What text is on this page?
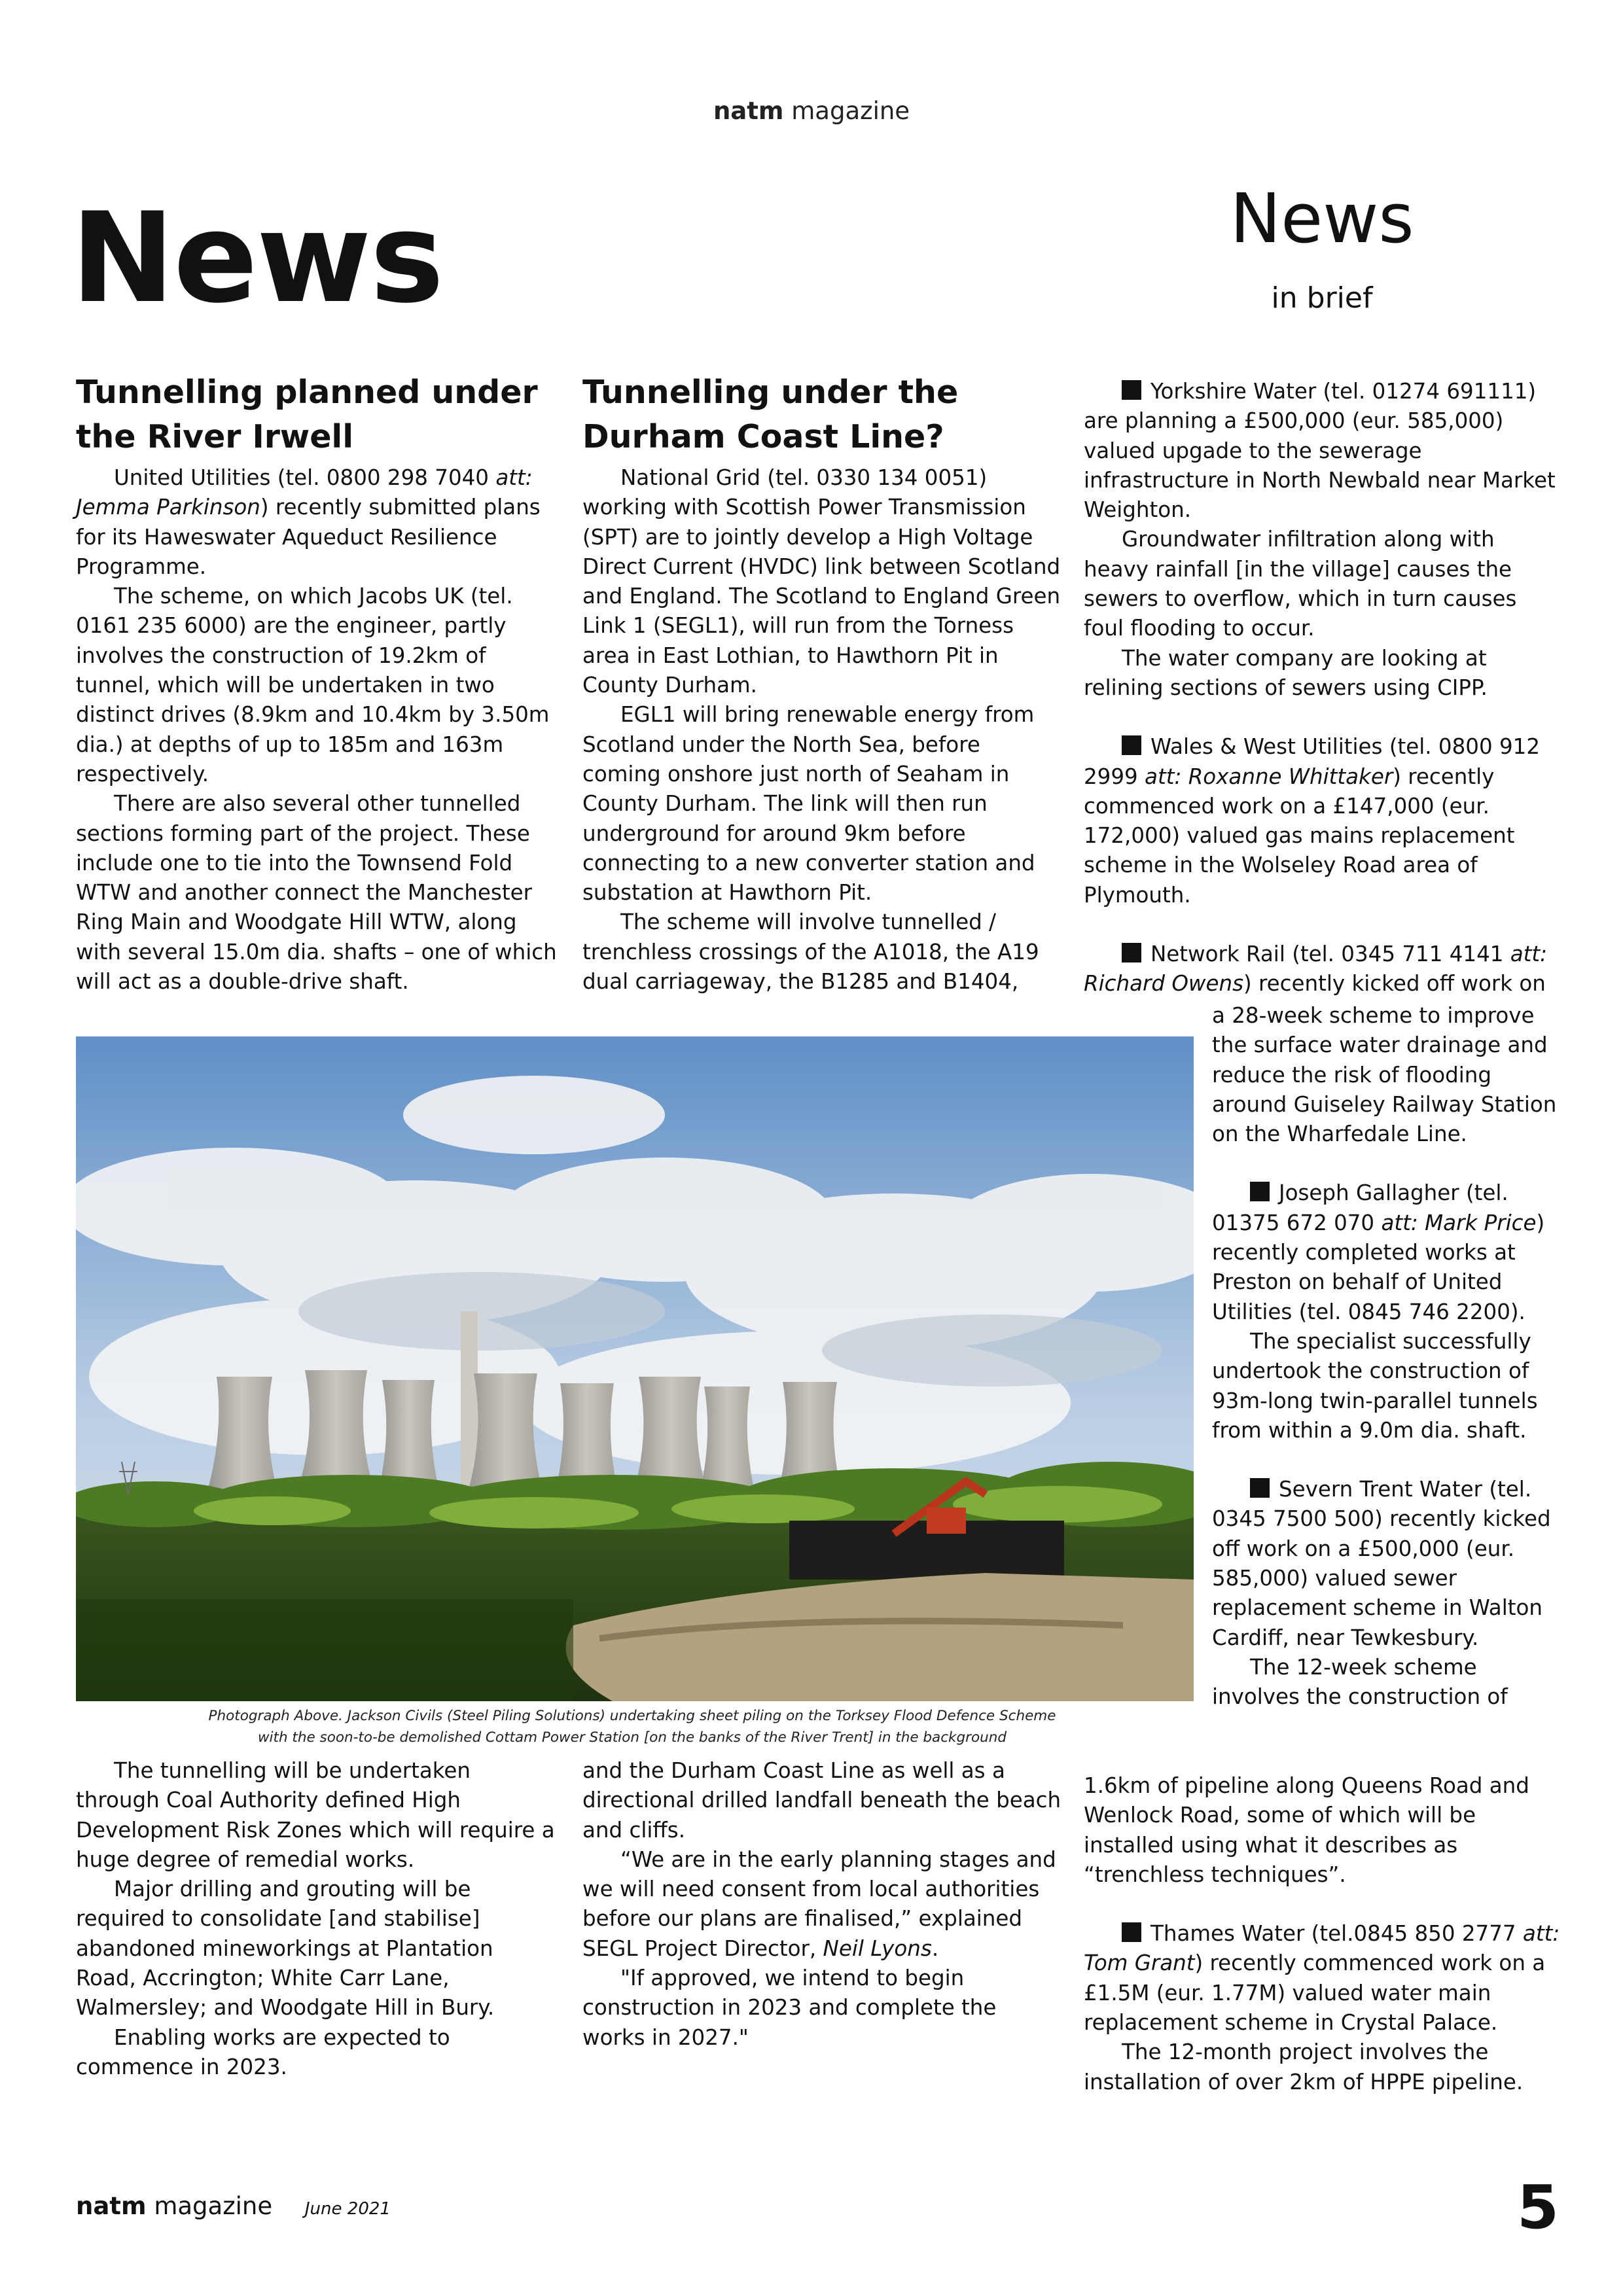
natm magazine
News	News
in brief
Tunnelling planned under the River Irwell

United Utilities (tel. 0800 298 7040 att: Jemma Parkinson) recently submitted plans for its Haweswater Aqueduct Resilience Programme.

The scheme, on which Jacobs UK (tel. 0161 235 6000) are the engineer, partly involves the construction of 19.2km of tunnel, which will be undertaken in two distinct drives (8.9km and 10.4km by 3.50m dia.) at depths of up to 185m and 163m respectively.

There are also several other tunnelled sections forming part of the project. These include one to tie into the Townsend Fold WTW and another connect the Manchester Ring Main and Woodgate Hill WTW, along with several 15.0m dia. shafts – one of which will act as a double-drive shaft.

Tunnelling under the Durham Coast Line?

National Grid (tel. 0330 134 0051) working with Scottish Power Transmission (SPT) are to jointly develop a High Voltage Direct Current (HVDC) link between Scotland and England. The Scotland to England Green Link 1 (SEGL1), will run from the Torness area in East Lothian, to Hawthorn Pit in County Durham.

EGL1 will bring renewable energy from Scotland under the North Sea, before coming onshore just north of Seaham in County Durham. The link will then run underground for around 9km before connecting to a new converter station and substation at Hawthorn Pit.

The scheme will involve tunnelled / trenchless crossings of the A1018, the A19 dual carriageway, the B1285 and B1404,

Yorkshire Water (tel. 01274 691111) are planning a £500,000 (eur. 585,000) valued upgade to the sewerage infrastructure in North Newbald near Market Weighton.

Groundwater infiltration along with heavy rainfall [in the village] causes the sewers to overflow, which in turn causes foul flooding to occur.

The water company are looking at relining sections of sewers using CIPP.

Wales & West Utilities (tel. 0800 912 2999 att: Roxanne Whittaker) recently commenced work on a £147,000 (eur. 172,000) valued gas mains replacement scheme in the Wolseley Road area of Plymouth.

Network Rail (tel. 0345 711 4141 att:
Richard Owens) recently kicked off work on

a 28-week scheme to improve the surface water drainage and reduce the risk of flooding around Guiseley Railway Station on the Wharfedale Line.

Joseph Gallagher (tel. 01375 672 070 att: Mark Price) recently completed works at Preston on behalf of United Utilities (tel. 0845 746 2200).

The specialist successfully undertook the construction of 93m-long twin-parallel tunnels from within a 9.0m dia. shaft.

Severn Trent Water (tel. 0345 7500 500) recently kicked off work on a £500,000 (eur. 585,000) valued sewer replacement scheme in Walton Cardiff, near Tewkesbury.

The 12-week scheme involves the construction of

1.6km of pipeline along Queens Road and Wenlock Road, some of which will be installed using what it describes as “trenchless techniques”.

Thames Water (tel.0845 850 2777 att: Tom Grant) recently commenced work on a £1.5M (eur. 1.77M) valued water main replacement scheme in Crystal Palace.

The 12-month project involves the installation of over 2km of HPPE pipeline.

Photograph Above. Jackson Civils (Steel Piling Solutions) undertaking sheet piling on the Torksey Flood Defence Scheme
with the soon-to-be demolished Cottam Power Station [on the banks of the River Trent] in the background

The tunnelling will be undertaken through Coal Authority defined High Development Risk Zones which will require a huge degree of remedial works.

Major drilling and grouting will be required to consolidate [and stabilise] abandoned mineworkings at Plantation Road, Accrington; White Carr Lane, Walmersley; and Woodgate Hill in Bury.

Enabling works are expected to commence in 2023.

and the Durham Coast Line as well as a directional drilled landfall beneath the beach and cliffs.

“We are in the early planning stages and we will need consent from local authorities before our plans are finalised,” explained SEGL Project Director, Neil Lyons.

"If approved, we intend to begin construction in 2023 and complete the works in 2027."

natm magazine June 2021	5
